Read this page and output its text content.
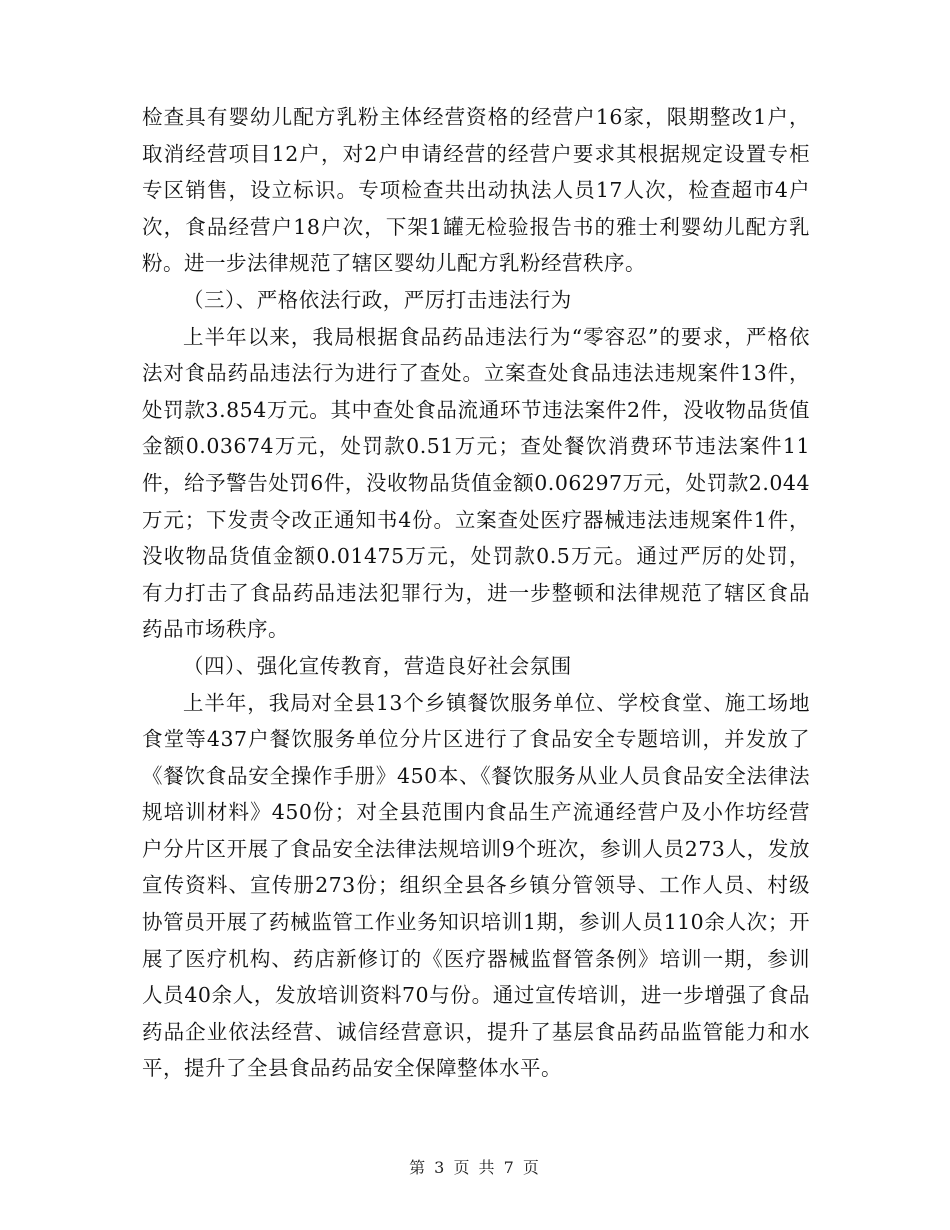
检查具有婴幼儿配方乳粉主体经营资格的经营户16家，限期整改1户，取消经营项目12户，对2户申请经营的经营户要求其根据规定设置专柜专区销售，设立标识。专项检查共出动执法人员17人次，检查超市4户次，食品经营户18户次，下架1罐无检验报告书的雅士利婴幼儿配方乳粉。进一步法律规范了辖区婴幼儿配方乳粉经营秩序。

（三）、严格依法行政，严厉打击违法行为

上半年以来，我局根据食品药品违法行为“零容忍”的要求，严格依法对食品药品违法行为进行了查处。立案查处食品违法违规案件13件，处罚款3.854万元。其中查处食品流通环节违法案件2件，没收物品货值金额0.03674万元，处罚款0.51万元；查处餐饮消费环节违法案件11件，给予警告处罚6件，没收物品货值金额0.06297万元，处罚款2.044万元；下发责令改正通知书4份。立案查处医疗器械违法违规案件1件，没收物品货值金额0.01475万元，处罚款0.5万元。通过严厉的处罚，有力打击了食品药品违法犯罪行为，进一步整顿和法律规范了辖区食品药品市场秩序。

（四）、强化宣传教育，营造良好社会氛围

上半年，我局对全县13个乡镇餐饮服务单位、学校食堂、施工场地食堂等437户餐饮服务单位分片区进行了食品安全专题培训，并发放了《餐饮食品安全操作手册》450本、《餐饮服务从业人员食品安全法律法规培训材料》450份；对全县范围内食品生产流通经营户及小作坊经营户分片区开展了食品安全法律法规培训9个班次，参训人员273人，发放宣传资料、宣传册273份；组织全县各乡镇分管领导、工作人员、村级协管员开展了药械监管工作业务知识培训1期，参训人员110余人次；开展了医疗机构、药店新修订的《医疗器械监督管条例》培训一期，参训人员40余人，发放培训资料70与份。通过宣传培训，进一步增强了食品药品企业依法经营、诚信经营意识，提升了基层食品药品监管能力和水平，提升了全县食品药品安全保障整体水平。

第 3 页 共 7 页
